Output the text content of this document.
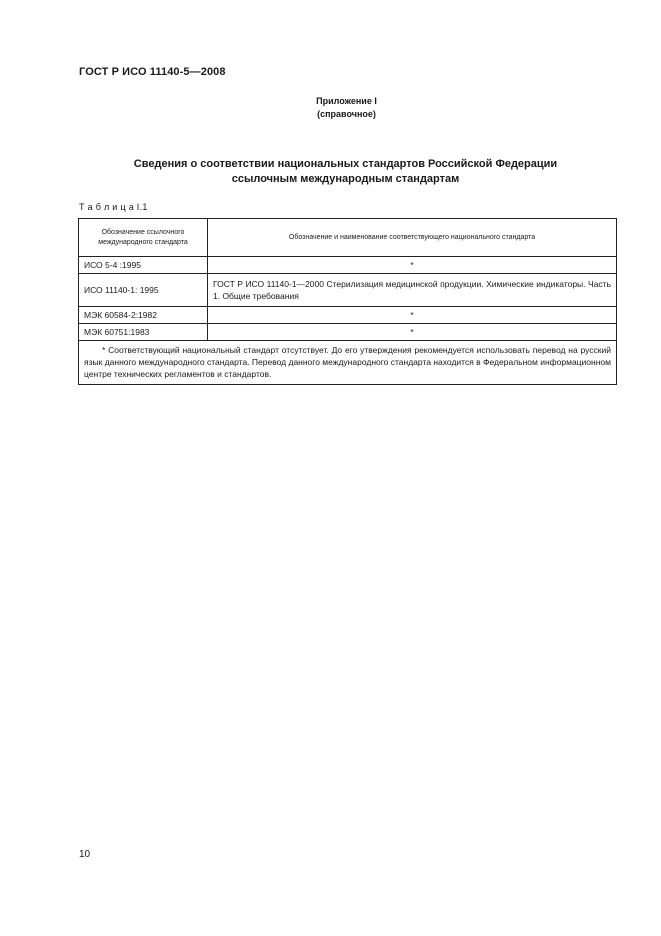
ГОСТ Р ИСО 11140-5—2008
Приложение I
(справочное)
Сведения о соответствии национальных стандартов Российской Федерации
ссылочным международным стандартам
Т а б л и ц а I.1
Обозначение ссылочного международного стандарта	Обозначение и наименование соответствующего национального стандарта
ИСО 5-4 :1995	*
ИСО 11140-1: 1995	ГОСТ Р ИСО 11140-1—2000 Стерилизация медицинской продукции. Химические индикаторы. Часть 1. Общие требования
МЭК 60584-2:1982	*
МЭК 60751:1983	*
* Соответствующий национальный стандарт отсутствует. До его утверждения рекомендуется использовать перевод на русский язык данного международного стандарта. Перевод данного международного стандарта находится в Федеральном информационном центре технических регламентов и стандартов.	
10
